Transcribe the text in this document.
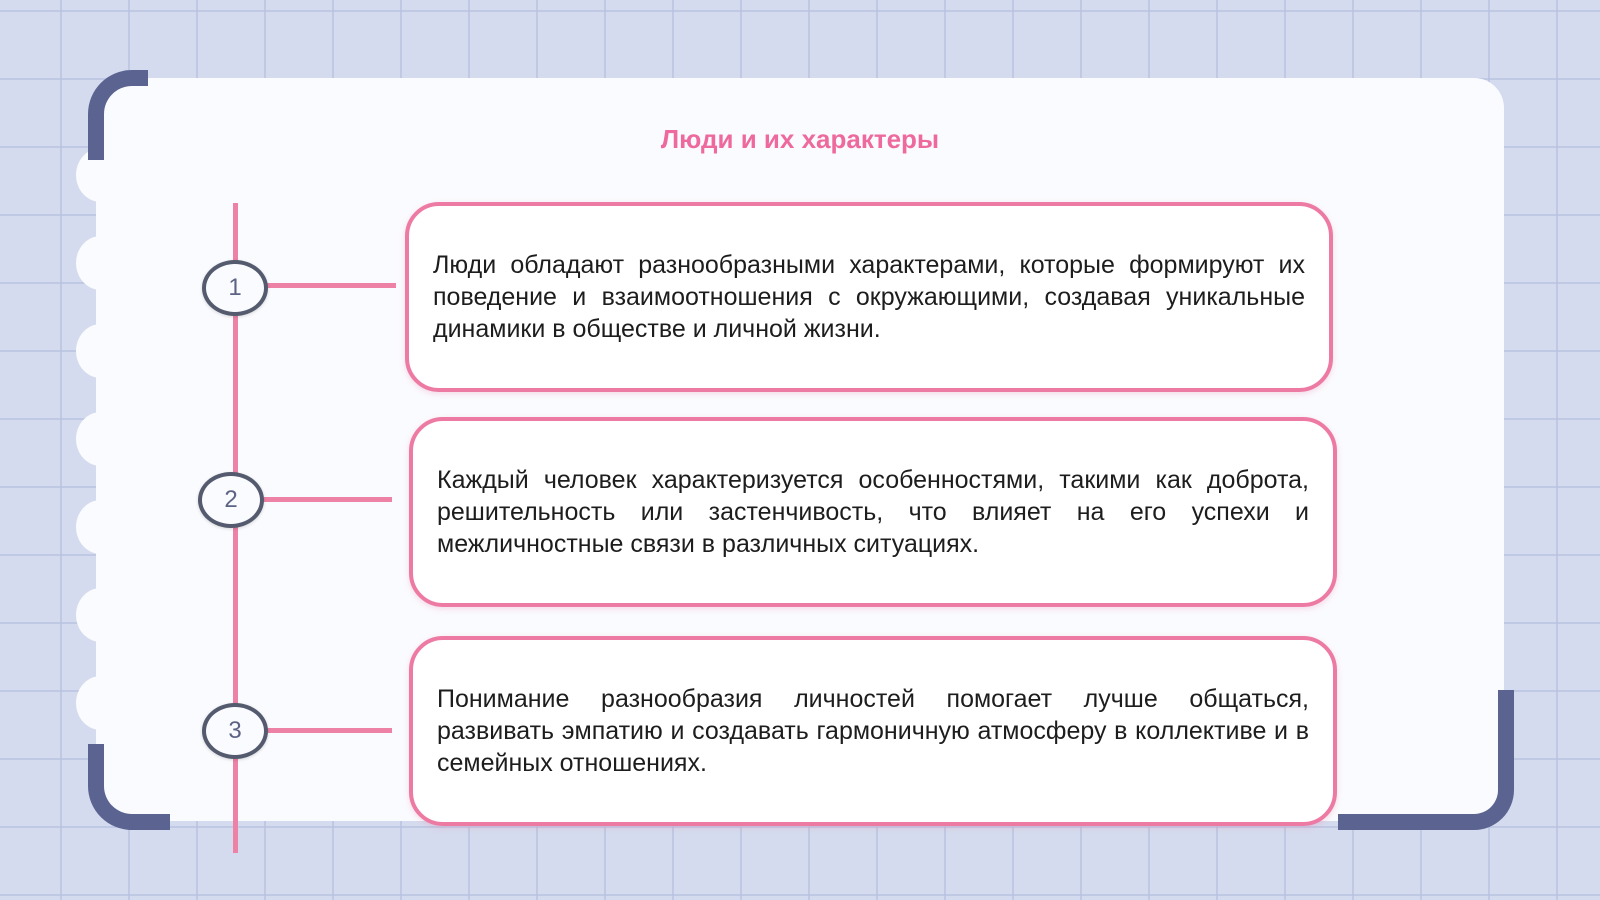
Люди и их характеры
1

Люди обладают разнообразными характерами, которые формируют их поведение и взаимоотношения с окружающими, создавая уникальные динамики в обществе и личной жизни.

2

Каждый человек характеризуется особенностями, такими как доброта, решительность или застенчивость, что влияет на его успехи и межличностные связи в различных ситуациях.

3

Понимание разнообразия личностей помогает лучше общаться, развивать эмпатию и создавать гармоничную атмосферу в коллективе и в семейных отношениях.
